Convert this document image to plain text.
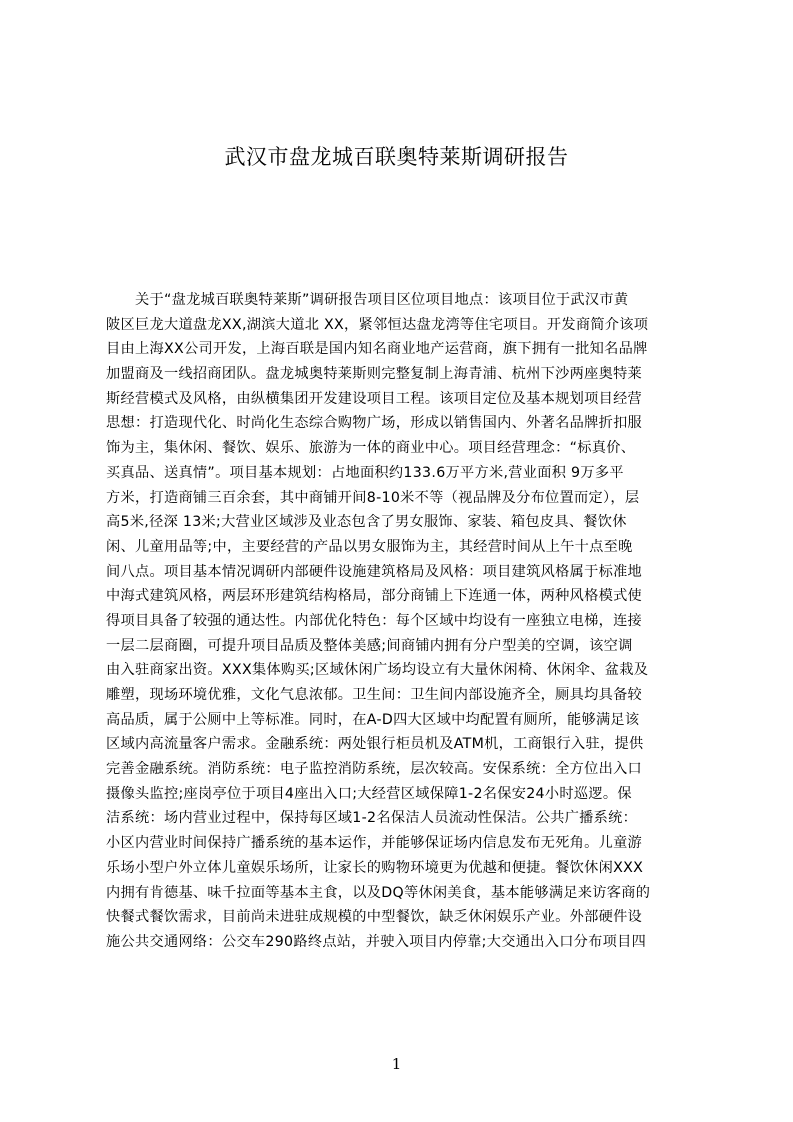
武汉市盘龙城百联奥特莱斯调研报告
　　关于“盘龙城百联奥特莱斯”调研报告项目区位项目地点：该项目位于武汉市黄
陂区巨龙大道盘龙XX,湖滨大道北 XX，紧邻恒达盘龙湾等住宅项目。开发商简介该项
目由上海XX公司开发，上海百联是国内知名商业地产运营商，旗下拥有一批知名品牌
加盟商及一线招商团队。盘龙城奥特莱斯则完整复制上海青浦、杭州下沙两座奥特莱
斯经营模式及风格，由纵横集团开发建设项目工程。该项目定位及基本规划项目经营
思想：打造现代化、时尚化生态综合购物广场，形成以销售国内、外著名品牌折扣服
饰为主，集休闲、餐饮、娱乐、旅游为一体的商业中心。项目经营理念：“标真价、
买真品、送真情”。项目基本规划：占地面积约133.6万平方米,营业面积 9万多平
方米，打造商铺三百余套，其中商铺开间8-10米不等（视品牌及分布位置而定），层
高5米,径深 13米;大营业区域涉及业态包含了男女服饰、家装、箱包皮具、餐饮休
闲、儿童用品等;中，主要经营的产品以男女服饰为主，其经营时间从上午十点至晚
间八点。项目基本情况调研内部硬件设施建筑格局及风格：项目建筑风格属于标准地
中海式建筑风格，两层环形建筑结构格局，部分商铺上下连通一体，两种风格模式使
得项目具备了较强的通达性。内部优化特色：每个区域中均设有一座独立电梯，连接
一层二层商圈，可提升项目品质及整体美感;间商铺内拥有分户型美的空调，该空调
由入驻商家出资。XXX集体购买;区域休闲广场均设立有大量休闲椅、休闲伞、盆栽及
雕塑，现场环境优雅，文化气息浓郁。卫生间：卫生间内部设施齐全，厕具均具备较
高品质，属于公厕中上等标准。同时，在A-D四大区域中均配置有厕所，能够满足该
区域内高流量客户需求。金融系统：两处银行柜员机及ATM机，工商银行入驻，提供
完善金融系统。消防系统：电子监控消防系统，层次较高。安保系统：全方位出入口
摄像头监控;座岗亭位于项目4座出入口;大经营区域保障1-2名保安24小时巡逻。保
洁系统：场内营业过程中，保持每区域1-2名保洁人员流动性保洁。公共广播系统：
小区内营业时间保持广播系统的基本运作，并能够保证场内信息发布无死角。儿童游
乐场小型户外立体儿童娱乐场所，让家长的购物环境更为优越和便捷。餐饮休闲XXX
内拥有肯德基、味千拉面等基本主食，以及DQ等休闲美食，基本能够满足来访客商的
快餐式餐饮需求，目前尚未进驻成规模的中型餐饮，缺乏休闲娱乐产业。外部硬件设
施公共交通网络：公交车290路终点站，并驶入项目内停靠;大交通出入口分布项目四
1
